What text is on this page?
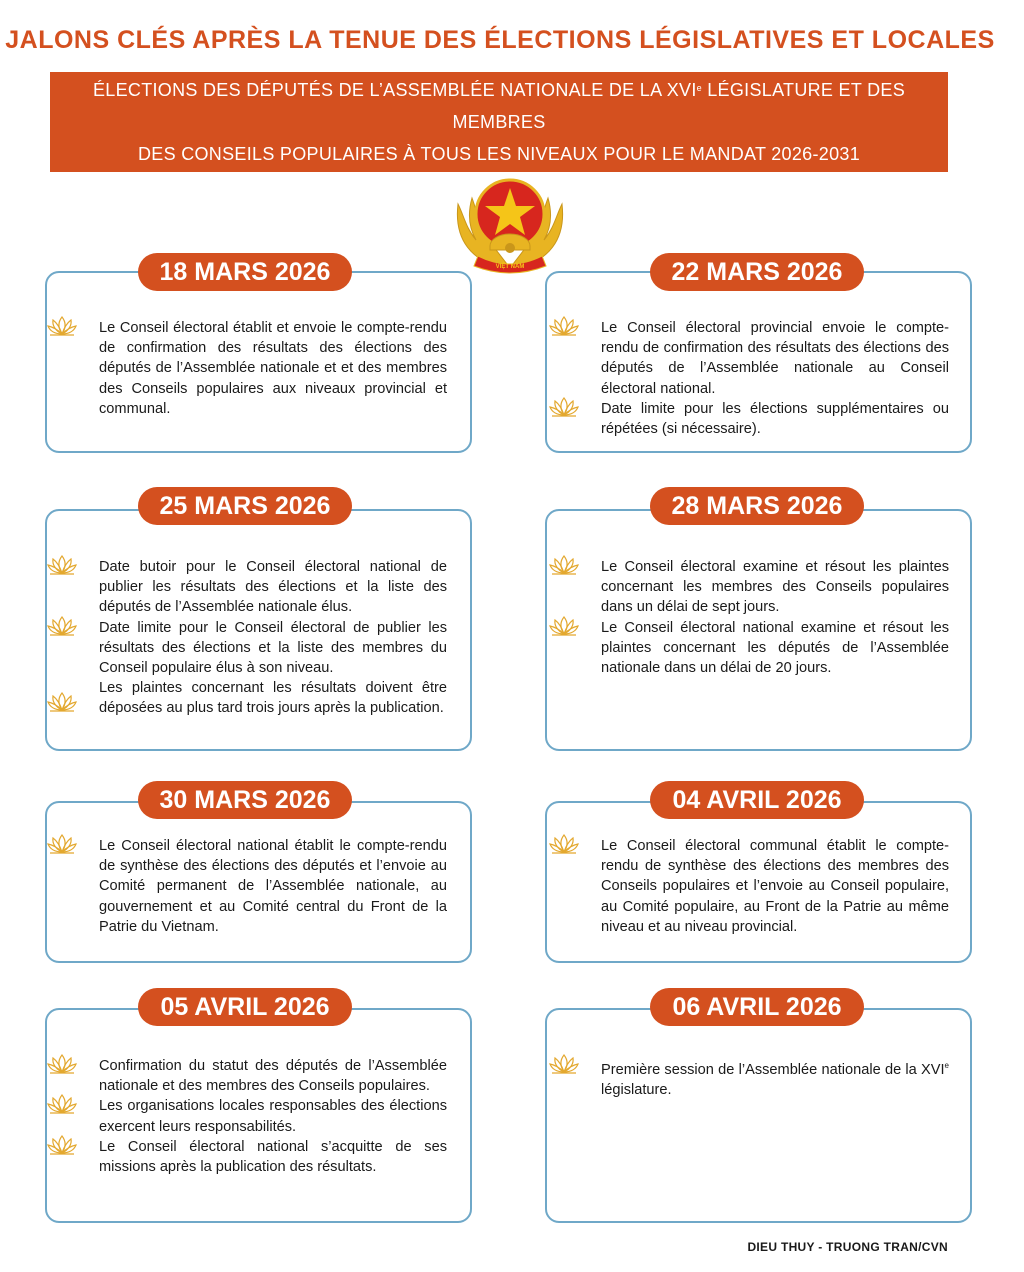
JALONS CLÉS APRÈS LA TENUE DES ÉLECTIONS LÉGISLATIVES ET LOCALES
ÉLECTIONS DES DÉPUTÉS DE L’ASSEMBLÉE NATIONALE DE LA XVIe LÉGISLATURE ET DES MEMBRES
DES CONSEILS POPULAIRES À TOUS LES NIVEAUX POUR LE MANDAT 2026-2031
VIỆT NAM
18 MARS 2026

Le Conseil électoral établit et envoie le compte-rendu de confirmation des résultats des élections des députés de l’Assemblée nationale et et des membres des Conseils populaires aux niveaux provincial et communal.

22 MARS 2026

Le Conseil électoral provincial envoie le compte-rendu de confirmation des résultats des élections des députés de l’Assemblée nationale au Conseil électoral national.

Date limite pour les élections supplémentaires ou répétées (si nécessaire).

25 MARS 2026

Date butoir pour le Conseil électoral national de publier les résultats des élections et la liste des députés de l’Assemblée nationale élus.

Date limite pour le Conseil électoral de publier les résultats des élections et la liste des membres du Conseil populaire élus à son niveau.

Les plaintes concernant les résultats doivent être déposées au plus tard trois jours après la publication.

28 MARS 2026

Le Conseil électoral examine et résout les plaintes concernant les membres des Conseils populaires dans un délai de sept jours.

Le Conseil électoral national examine et résout les plaintes concernant les députés de l’Assemblée nationale dans un délai de 20 jours.

30 MARS 2026

Le Conseil électoral national établit le compte-rendu de synthèse des élections des députés et l’envoie au Comité permanent de l’Assemblée nationale, au gouvernement et au Comité central du Front de la Patrie du Vietnam.

04 AVRIL 2026

Le Conseil électoral communal établit le compte-rendu de synthèse des élections des membres des Conseils populaires et l’envoie au Conseil populaire, au Comité populaire, au Front de la Patrie au même niveau et au niveau provincial.

05 AVRIL 2026

Confirmation du statut des députés de l’Assemblée nationale et des membres des Conseils populaires.

Les organisations locales responsables des élections exercent leurs responsabilités.

Le Conseil électoral national s’acquitte de ses missions après la publication des résultats.

06 AVRIL 2026

Première session de l’Assemblée nationale de la XVIe législature.

DIEU THUY - TRUONG TRAN/CVN
